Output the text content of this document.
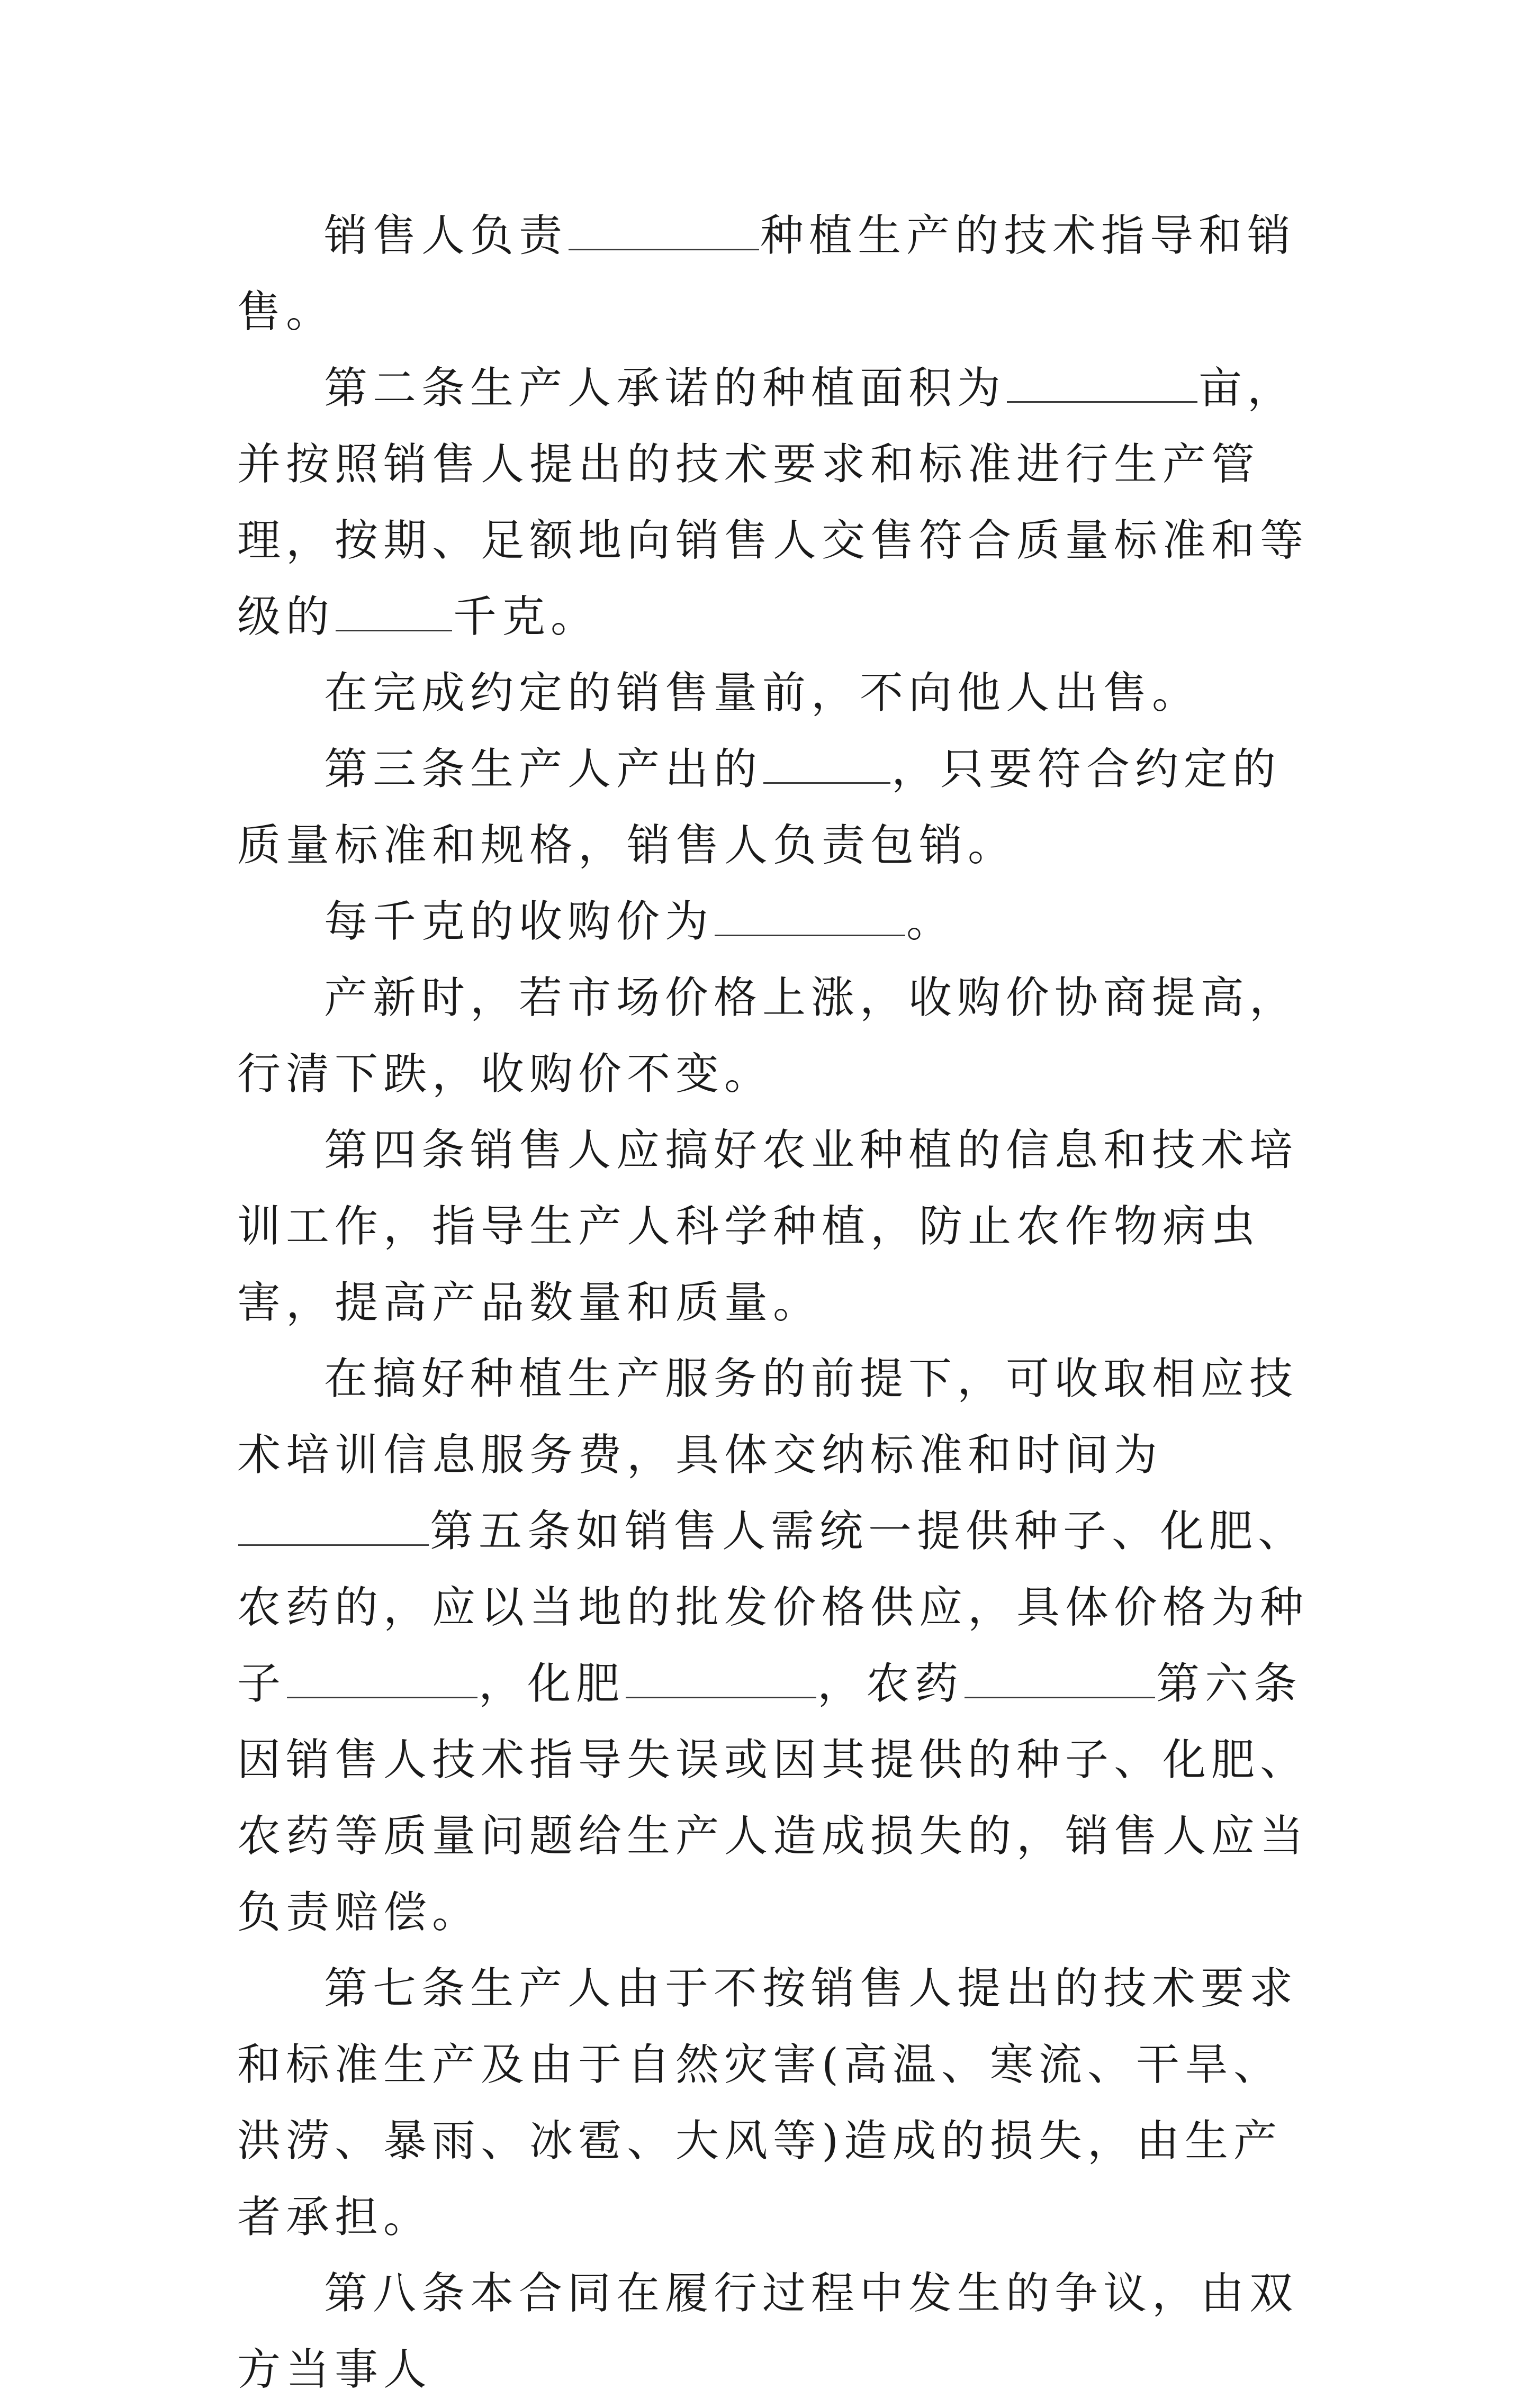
销售人负责	种植生产的技术指导和销售。

第二条生产人承诺的种植面积为	亩，并按照销售人提出的技术要求和标准进行生产管理，按期、足额地向销售人交售符合质量标准和等级的	千克。

在完成约定的销售量前，不向他人出售。

第三条生产人产出的	，只要符合约定的质量标准和规格，销售人负责包销。

每千克的收购价为	。

产新时，若市场价格上涨，收购价协商提高，行清下跌，收购价不变。

第四条销售人应搞好农业种植的信息和技术培训工作，指导生产人科学种植，防止农作物病虫害，提高产品数量和质量。

在搞好种植生产服务的前提下，可收取相应技术培训信息服务费，具体交纳标准和时间为第五条如销售人需统一提供种子、化肥、农药的，应以当地的批发价格供应，具体价格为种子	，化肥	，农药	第六条因销售人技术指导失误或因其提供的种子、化肥、农药等质量问题给生产人造成损失的，销售人应当负责赔偿。

第七条生产人由于不按销售人提出的技术要求和标准生产及由于自然灾害(高温、寒流、干旱、洪涝、暴雨、冰雹、大风等)造成的损失，由生产者承担。

第八条本合同在履行过程中发生的争议，由双方当事人
